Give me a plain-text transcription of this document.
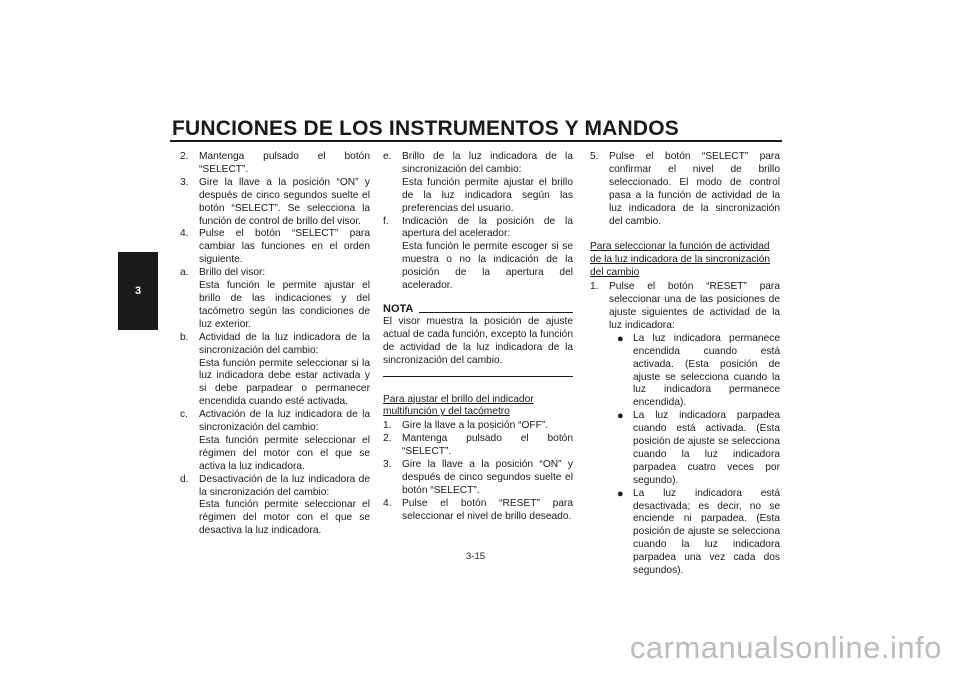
FUNCIONES DE LOS INSTRUMENTOS Y MANDOS
3
2.	Mantenga pulsado el botón “SELECT”.
3.	Gire la llave a la posición “ON” y después de cinco segundos suelte el botón “SELECT”. Se selecciona la función de control de brillo del visor.
4.	Pulse el botón “SELECT” para cambiar las funciones en el orden siguiente.
a.	Brillo del visor:
Esta función le permite ajustar el brillo de las indicaciones y del tacómetro según las condiciones de luz exterior.
b.	Actividad de la luz indicadora de la sincronización del cambio:
Esta función permite seleccionar si la luz indicadora debe estar activada y si debe parpadear o permanecer encendida cuando esté activada.
c.	Activación de la luz indicadora de la sincronización del cambio:
Esta función permite seleccionar el régimen del motor con el que se activa la luz indicadora.
d.	Desactivación de la luz indicadora de la sincronización del cambio:
Esta función permite seleccionar el régimen del motor con el que se desactiva la luz indicadora.
e.	Brillo de la luz indicadora de la sincronización del cambio:
Esta función permite ajustar el brillo de la luz indicadora según las preferencias del usuario.
f.	Indicación de la posición de la apertura del acelerador:
Esta función le permite escoger si se muestra o no la indicación de la posición de la apertura del acelerador.
NOTA
El visor muestra la posición de ajuste actual de cada función, excepto la función de actividad de la luz indicadora de la sincronización del cambio.
Para ajustar el brillo del indicador multifunción y del tacómetro
1.	Gire la llave a la posición “OFF”.
2.	Mantenga pulsado el botón “SELECT”.
3.	Gire la llave a la posición “ON” y después de cinco segundos suelte el botón “SELECT”.
4.	Pulse el botón “RESET” para seleccionar el nivel de brillo deseado.
5.	Pulse el botón “SELECT” para confirmar el nivel de brillo seleccionado. El modo de control pasa a la función de actividad de la luz indicadora de la sincronización del cambio.
Para seleccionar la función de actividad de la luz indicadora de la sincronización del cambio
1.	Pulse el botón “RESET” para seleccionar una de las posiciones de ajuste siguientes de actividad de la luz indicadora:
● La luz indicadora permanece encendida cuando está activada. (Esta posición de ajuste se selecciona cuando la luz indicadora permanece encendida).
● La luz indicadora parpadea cuando está activada. (Esta posición de ajuste se selecciona cuando la luz indicadora parpadea cuatro veces por segundo).
● La luz indicadora está desactivada; es decir, no se enciende ni parpadea. (Esta posición de ajuste se selecciona cuando la luz indicadora parpadea una vez cada dos segundos).
3-15
carmanualsonline.info
